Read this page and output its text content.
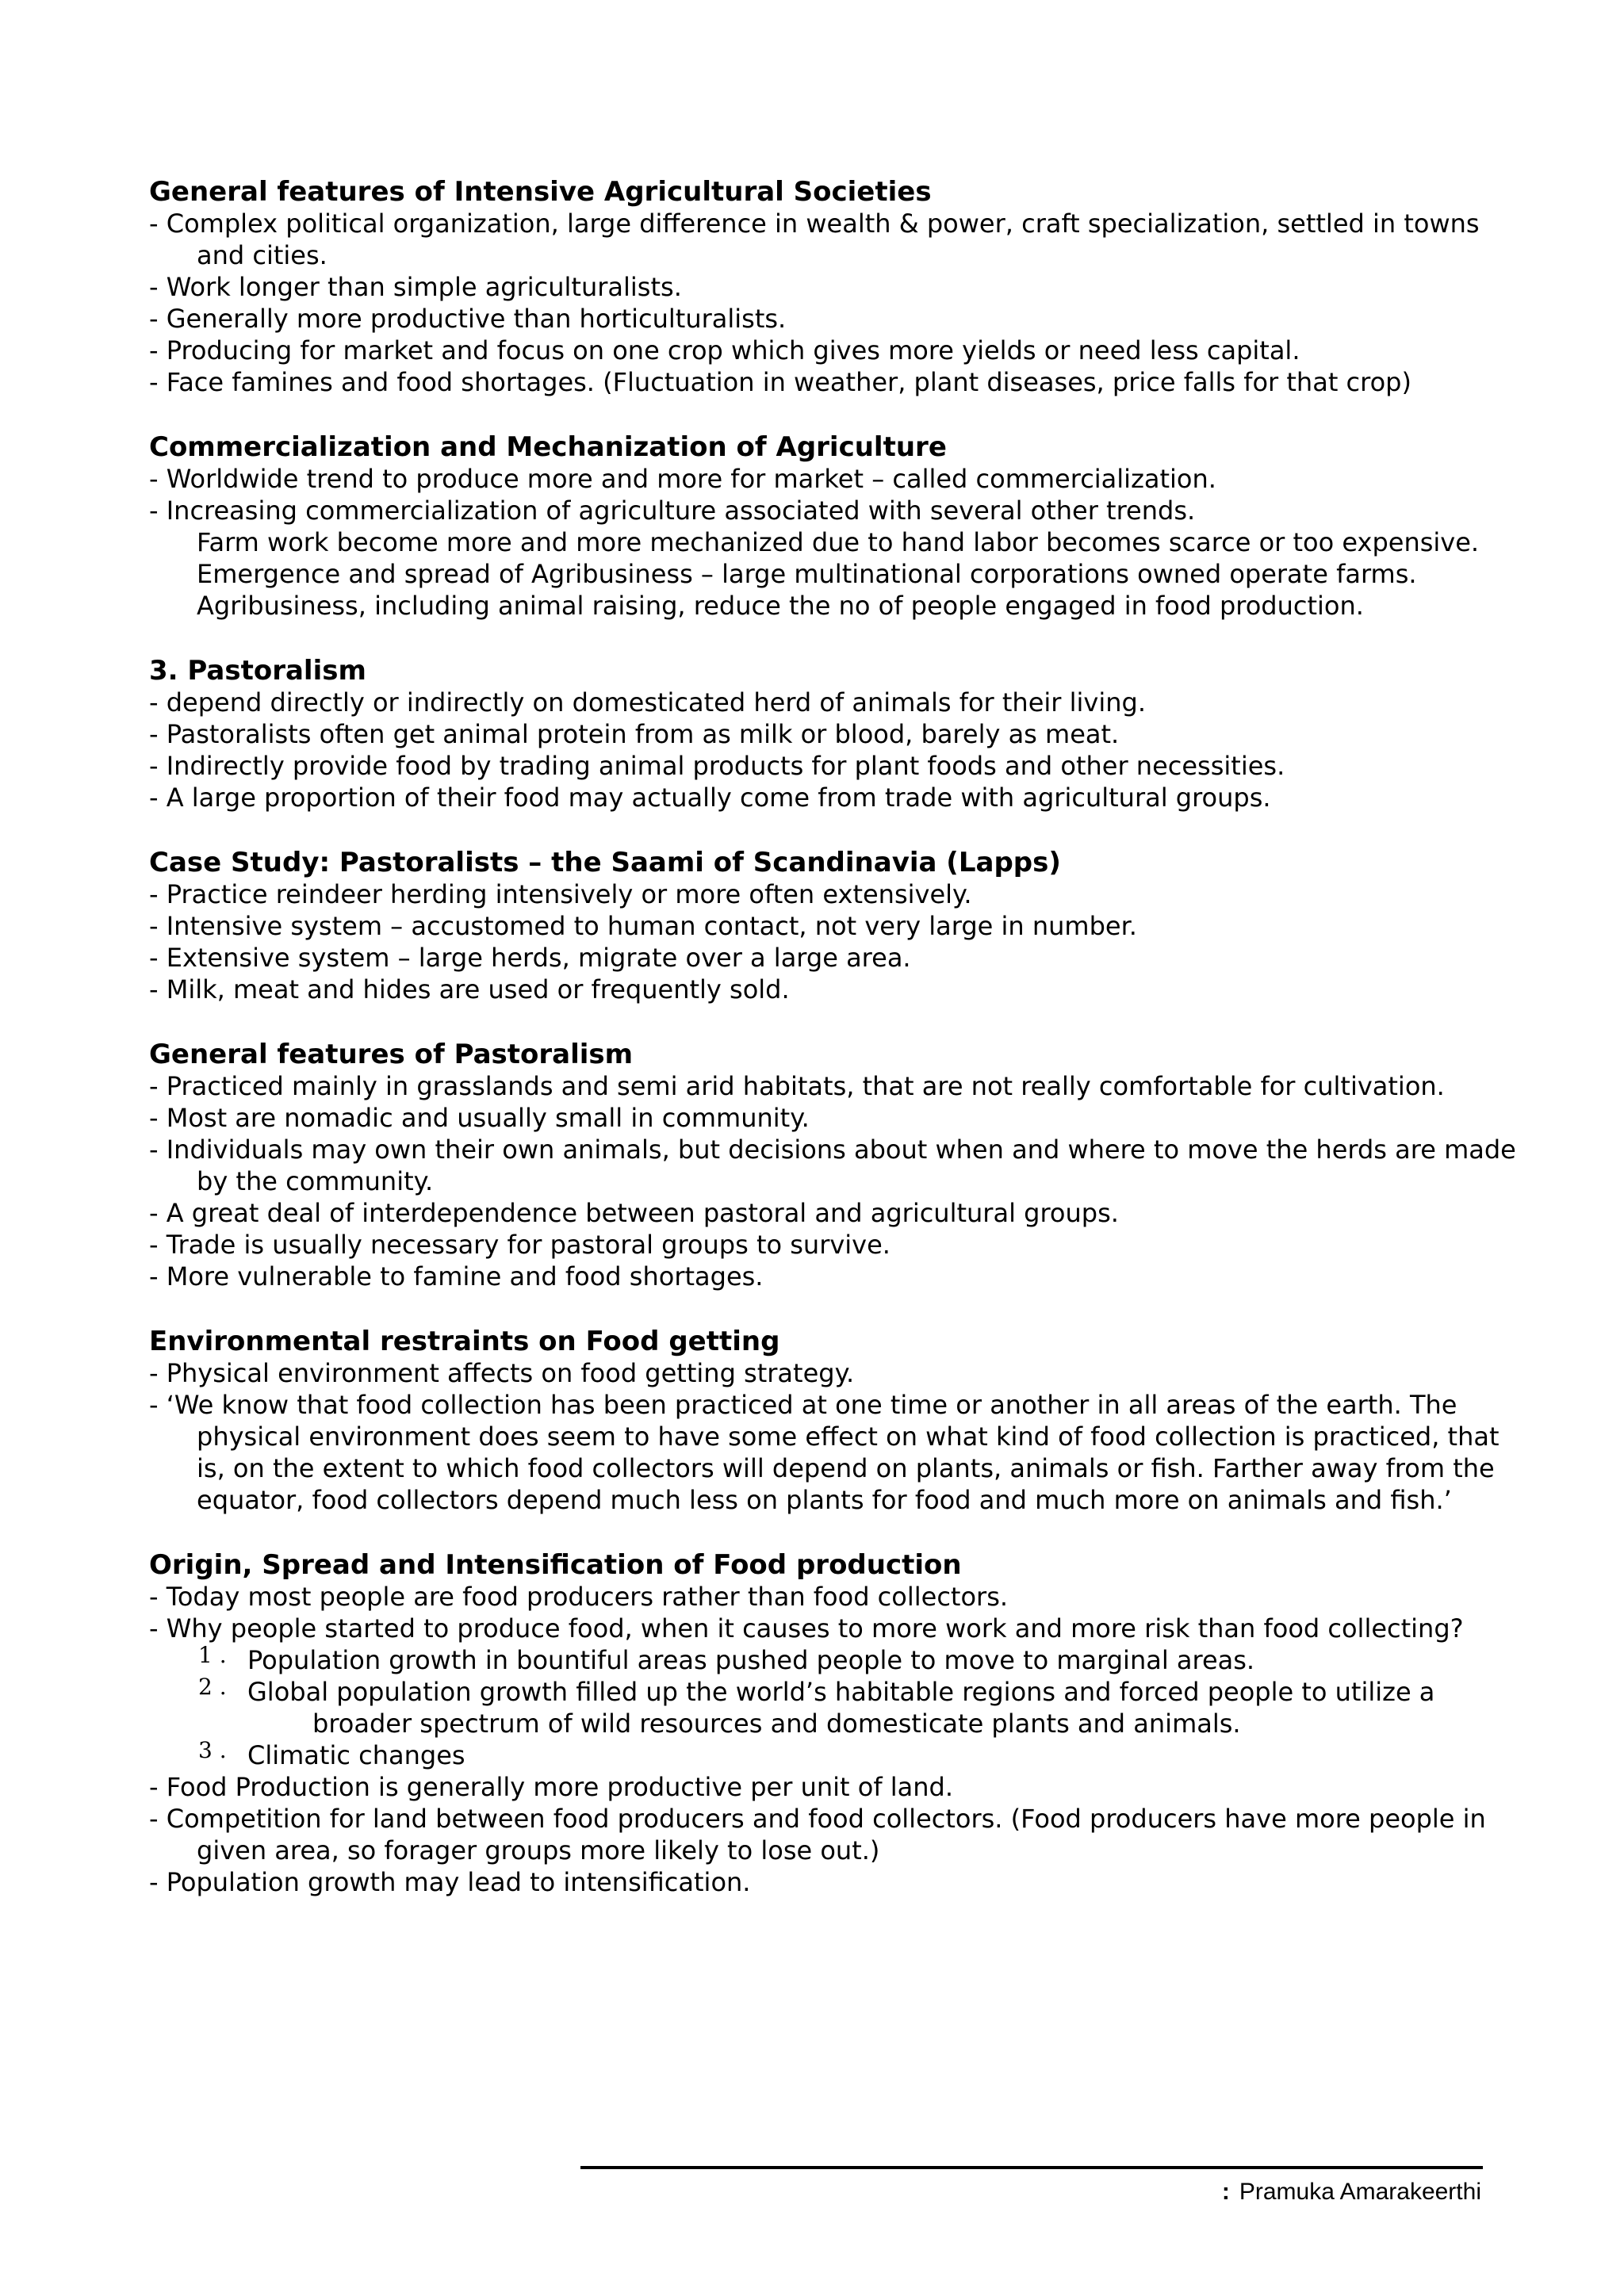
General features of Intensive Agricultural Societies

- Complex political organization, large difference in wealth & power, craft specialization, settled in towns

and cities.

- Work longer than simple agriculturalists.

- Generally more productive than horticulturalists.

- Producing for market and focus on one crop which gives more yields or need less capital.

- Face famines and food shortages. (Fluctuation in weather, plant diseases, price falls for that crop)

Commercialization and Mechanization of Agriculture

- Worldwide trend to produce more and more for market – called commercialization.

- Increasing commercialization of agriculture associated with several other trends.

Farm work become more and more mechanized due to hand labor becomes scarce or too expensive.

Emergence and spread of Agribusiness – large multinational corporations owned operate farms.

Agribusiness, including animal raising, reduce the no of people engaged in food production.

3. Pastoralism

- depend directly or indirectly on domesticated herd of animals for their living.

- Pastoralists often get animal protein from as milk or blood, barely as meat.

- Indirectly provide food by trading animal products for plant foods and other necessities.

- A large proportion of their food may actually come from trade with agricultural groups.

Case Study: Pastoralists – the Saami of Scandinavia (Lapps)

- Practice reindeer herding intensively or more often extensively.

- Intensive system – accustomed to human contact, not very large in number.

- Extensive system – large herds, migrate over a large area.

- Milk, meat and hides are used or frequently sold.

General features of Pastoralism

- Practiced mainly in grasslands and semi arid habitats, that are not really comfortable for cultivation.

- Most are nomadic and usually small in community.

- Individuals may own their own animals, but decisions about when and where to move the herds are made

by the community.

- A great deal of interdependence between pastoral and agricultural groups.

- Trade is usually necessary for pastoral groups to survive.

- More vulnerable to famine and food shortages.

Environmental restraints on Food getting

- Physical environment affects on food getting strategy.

- ‘We know that food collection has been practiced at one time or another in all areas of the earth. The

physical environment does seem to have some effect on what kind of food collection is practiced, that

is, on the extent to which food collectors will depend on plants, animals or fish. Farther away from the

equator, food collectors depend much less on plants for food and much more on animals and fish.’

Origin, Spread and Intensification of Food production

- Today most people are food producers rather than food collectors.

- Why people started to produce food, when it causes to more work and more risk than food collecting?

1 . Population growth in bountiful areas pushed people to move to marginal areas.
2 . Global population growth filled up the world’s habitable regions and forced people to utilize a
broader spectrum of wild resources and domesticate plants and animals.
3 . Climatic changes

- Food Production is generally more productive per unit of land.

- Competition for land between food producers and food collectors. (Food producers have more people in

given area, so forager groups more likely to lose out.)

- Population growth may lead to intensification.

: Pramuka Amarakeerthi
